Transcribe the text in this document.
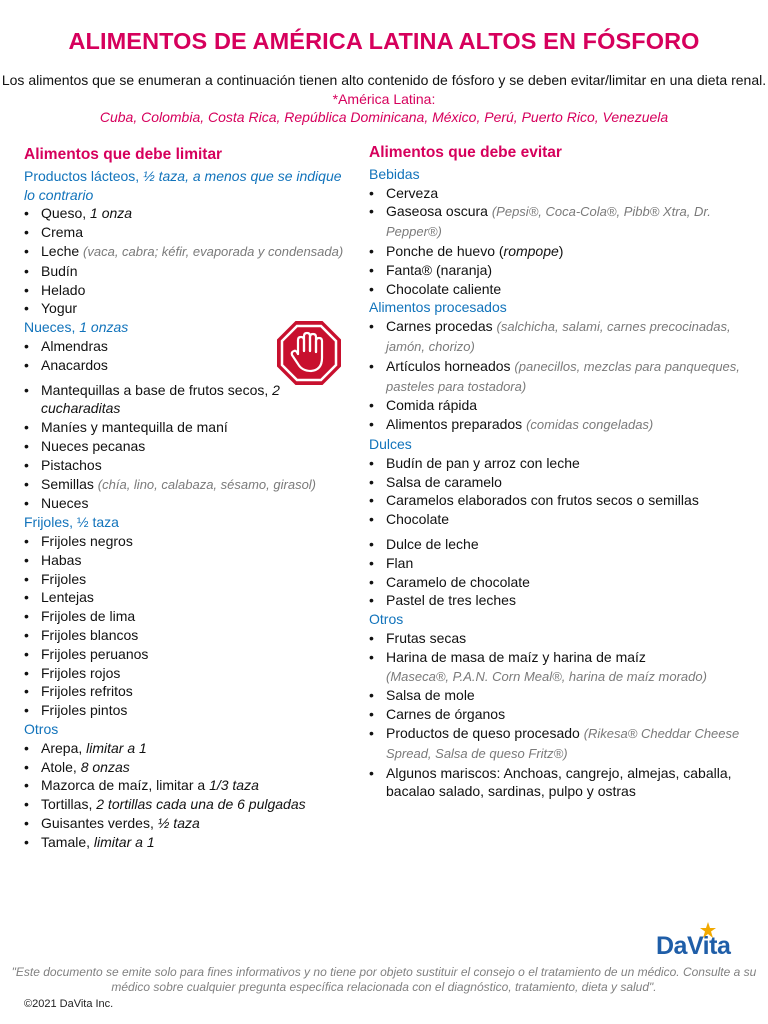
ALIMENTOS DE AMÉRICA LATINA ALTOS EN FÓSFORO
Los alimentos que se enumeran a continuación tienen alto contenido de fósforo y se deben evitar/limitar en una dieta renal. *América Latina:
Cuba, Colombia, Costa Rica, República Dominicana, México, Perú, Puerto Rico, Venezuela
Alimentos que debe limitar
Productos lácteos, ½ taza, a menos que se indique lo contrario
• Queso, 1 onza
• Crema
• Leche (vaca, cabra; kéfir, evaporada y condensada)
• Budín
• Helado
• Yogur
Nueces, 1 onzas
• Almendras
• Anacardos
• Mantequillas a base de frutos secos, 2 cucharaditas
• Maníes y mantequilla de maní
• Nueces pecanas
• Pistachos
• Semillas (chía, lino, calabaza, sésamo, girasol)
• Nueces
Frijoles, ½ taza
• Frijoles negros
• Habas
• Frijoles
• Lentejas
• Frijoles de lima
• Frijoles blancos
• Frijoles peruanos
• Frijoles rojos
• Frijoles refritos
• Frijoles pintos
Otros
• Arepa, limitar a 1
• Atole, 8 onzas
• Mazorca de maíz, limitar a 1/3 taza
• Tortillas, 2 tortillas cada una de 6 pulgadas
• Guisantes verdes, ½ taza
• Tamale, limitar a 1
Alimentos que debe evitar
Bebidas
• Cerveza
• Gaseosa oscura (Pepsi®, Coca-Cola®, Pibb® Xtra, Dr. Pepper®)
• Ponche de huevo (rompope)
• Fanta® (naranja)
• Chocolate caliente
Alimentos procesados
• Carnes procedas (salchicha, salami, carnes precocinadas, jamón, chorizo)
• Artículos horneados (panecillos, mezclas para panqueques, pasteles para tostadora)
• Comida rápida
• Alimentos preparados (comidas congeladas)
Dulces
• Budín de pan y arroz con leche
• Salsa de caramelo
• Caramelos elaborados con frutos secos o semillas
• Chocolate
• Dulce de leche
• Flan
• Caramelo de chocolate
• Pastel de tres leches
Otros
• Frutas secas
• Harina de masa de maíz y harina de maíz
(Maseca®, P.A.N. Corn Meal®, harina de maíz morado)
• Salsa de mole
• Carnes de órganos
• Productos de queso procesado (Rikesa® Cheddar Cheese Spread, Salsa de queso Fritz®)
• Algunos mariscos: Anchoas, cangrejo, almejas, caballa, bacalao salado, sardinas, pulpo y ostras
DaVita
"Este documento se emite solo para fines informativos y no tiene por objeto sustituir el consejo o el tratamiento de un médico. Consulte a su médico sobre cualquier pregunta específica relacionada con el diagnóstico, tratamiento, dieta y salud".
©2021 DaVita Inc.
